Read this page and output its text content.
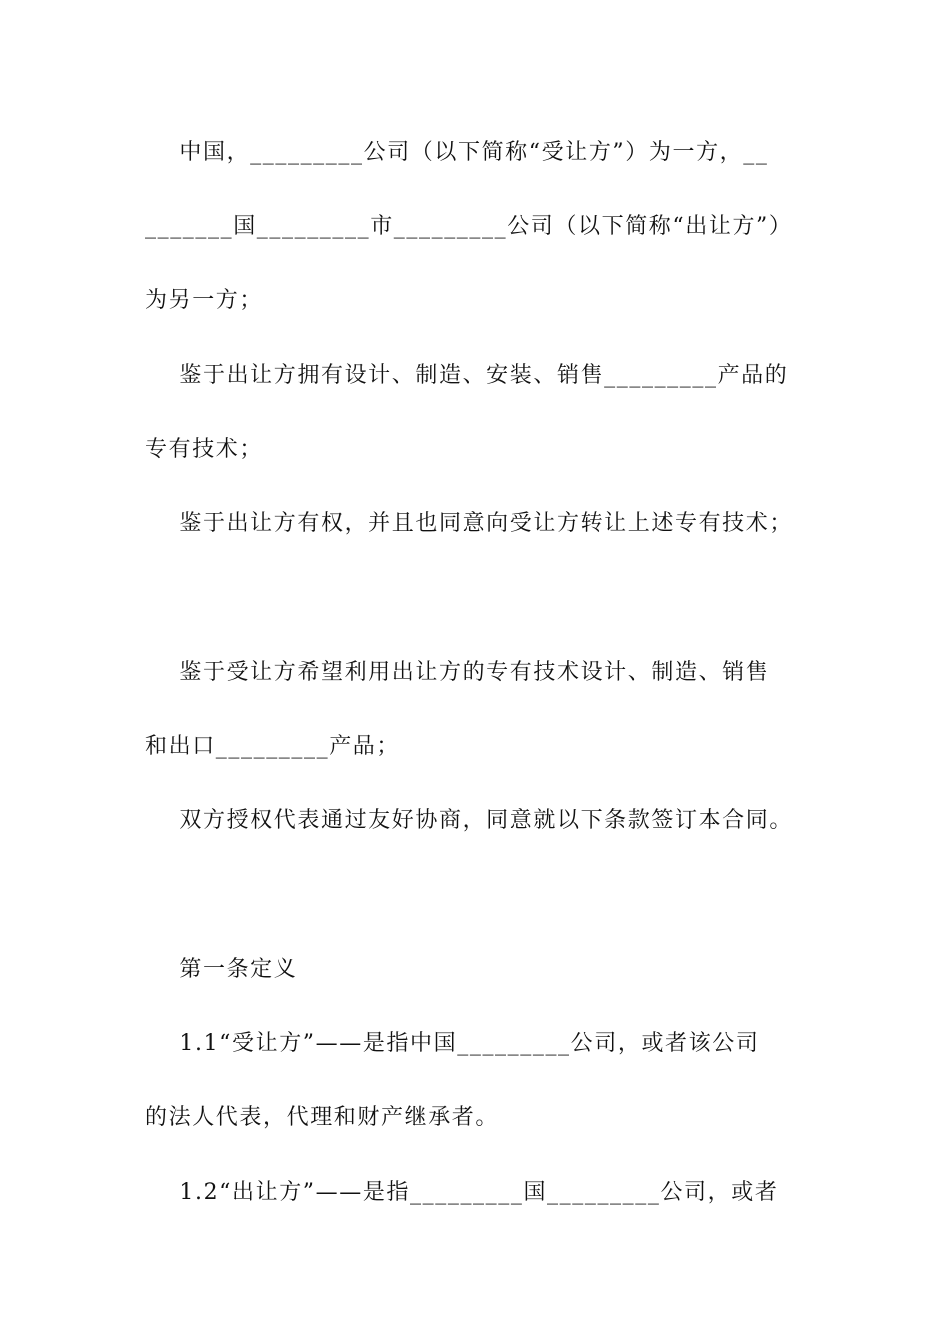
中国，_________公司（以下简称“受让方”）为一方，__
_______国_________市_________公司（以下简称“出让方”）
为另一方；
鉴于出让方拥有设计、制造、安装、销售_________产品的
专有技术；
鉴于出让方有权，并且也同意向受让方转让上述专有技术；
鉴于受让方希望利用出让方的专有技术设计、制造、销售
和出口_________产品；
双方授权代表通过友好协商，同意就以下条款签订本合同。
第一条定义
1.1“受让方”——是指中国_________公司，或者该公司
的法人代表，代理和财产继承者。
1.2“出让方”——是指_________国_________公司，或者
